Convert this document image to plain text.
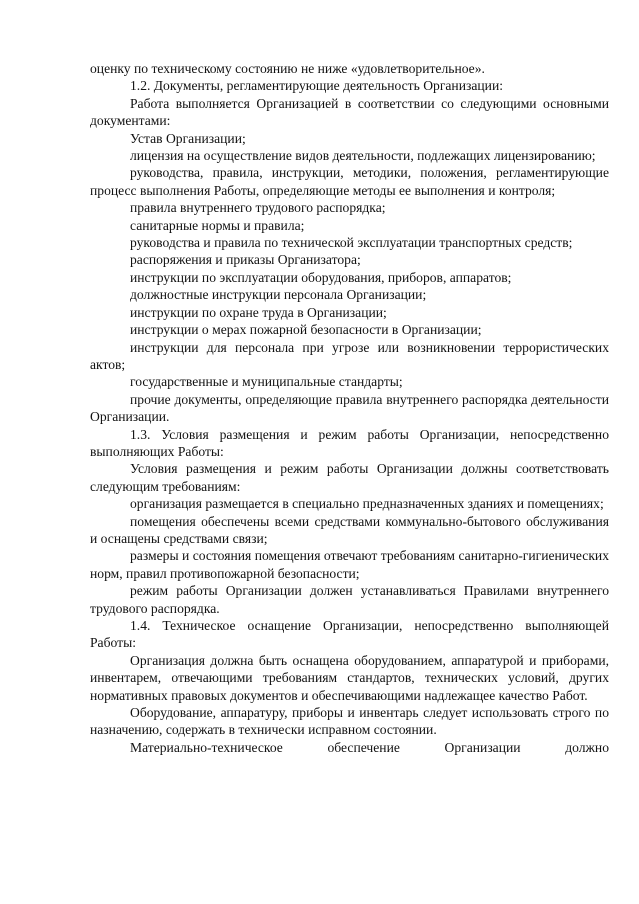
оценку по техническому состоянию не ниже «удовлетворительное».

1.2. Документы, регламентирующие деятельность Организации:

Работа выполняется Организацией в соответствии со следующими основными документами:

Устав Организации;

лицензия на осуществление видов деятельности, подлежащих лицензированию;

руководства, правила, инструкции, методики, положения, регламентирующие процесс выполнения Работы, определяющие методы ее выполнения и контроля;

правила внутреннего трудового распорядка;

санитарные нормы и правила;

руководства и правила по технической эксплуатации транспортных средств;

распоряжения и приказы Организатора;

инструкции по эксплуатации оборудования, приборов, аппаратов;

должностные инструкции персонала Организации;

инструкции по охране труда в Организации;

инструкции о мерах пожарной безопасности в Организации;

инструкции для персонала при угрозе или возникновении террористических актов;

государственные и муниципальные стандарты;

прочие документы, определяющие правила внутреннего распорядка деятельности Организации.

1.3. Условия размещения и режим работы Организации, непосредственно выполняющих Работы:

Условия размещения и режим работы Организации должны соответствовать следующим требованиям:

организация размещается в специально предназначенных зданиях и помещениях;

помещения обеспечены всеми средствами коммунально-бытового обслуживания и оснащены средствами связи;

размеры и состояния помещения отвечают требованиям санитарно-гигиенических норм, правил противопожарной безопасности;

режим работы Организации должен устанавливаться Правилами внутреннего трудового распорядка.

1.4. Техническое оснащение Организации, непосредственно выполняющей Работы:

Организация должна быть оснащена оборудованием, аппаратурой и приборами, инвентарем, отвечающими требованиям стандартов, технических условий, других нормативных правовых документов и обеспечивающими надлежащее качество Работ.

Оборудование, аппаратуру, приборы и инвентарь следует использовать строго по назначению, содержать в технически исправном состоянии.

Материально-техническое обеспечение Организации должно
